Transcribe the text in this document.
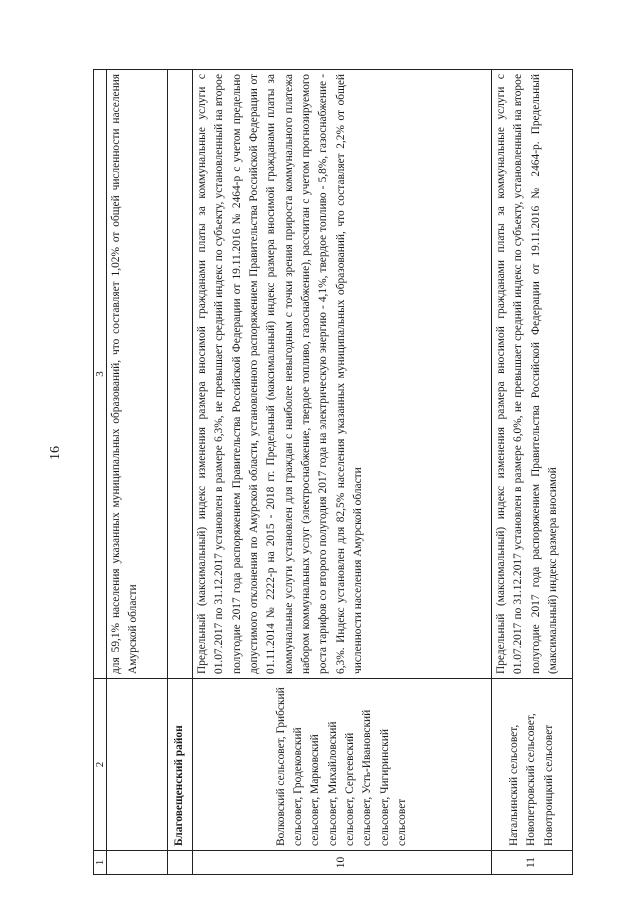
16
1	2	3
		для 59,1% населения указанных муниципальных образований, что составляет 1,02% от общей численности населения Амурской области
	Благовещенский район	
10	Волковский сельсовет, Грибский сельсовет, Гродековский сельсовет, Марковский сельсовет, Михайловский сельсовет, Сергеевский сельсовет, Усть-Ивановский сельсовет, Чигиринский сельсовет	Предельный (максимальный) индекс изменения размера вносимой гражданами платы за коммунальные услуги с 01.07.2017 по 31.12.2017 установлен в размере 6,3%, не превышает средний индекс по субъекту, установленный на второе полугодие 2017 года распоряжением Правительства Российской Федерации от 19.11.2016 № 2464-р с учетом предельно допустимого отклонения по Амурской области, установленного распоряжением Правительства Российской Федерации от 01.11.2014 № 2222-р на 2015 - 2018 гг. Предельный (максимальный) индекс размера вносимой гражданами платы за коммунальные услуги установлен для граждан с наиболее невыгодным с точки зрения прироста коммунального платежа набором коммунальных услуг (электроснабжение, твердое топливо, газоснабжение), рассчитан с учетом прогнозируемого роста тарифов со второго полугодия 2017 года на электрическую энергию - 4,1%, твердое топливо - 5,8%, газоснабжение - 6,3%. Индекс установлен для 82,5% населения указанных муниципальных образований, что составляет 2,2% от общей численности населения Амурской области
11	Натальинский сельсовет, Новопетровский сельсовет, Новотроицкий сельсовет	Предельный (максимальный) индекс изменения размера вносимой гражданами платы за коммунальные услуги с 01.07.2017 по 31.12.2017 установлен в размере 6,0%, не превышает средний индекс по субъекту, установленный на второе полугодие 2017 года распоряжением Правительства Российской Федерации от 19.11.2016 № 2464-р. Предельный (максимальный) индекс размера вносимой
